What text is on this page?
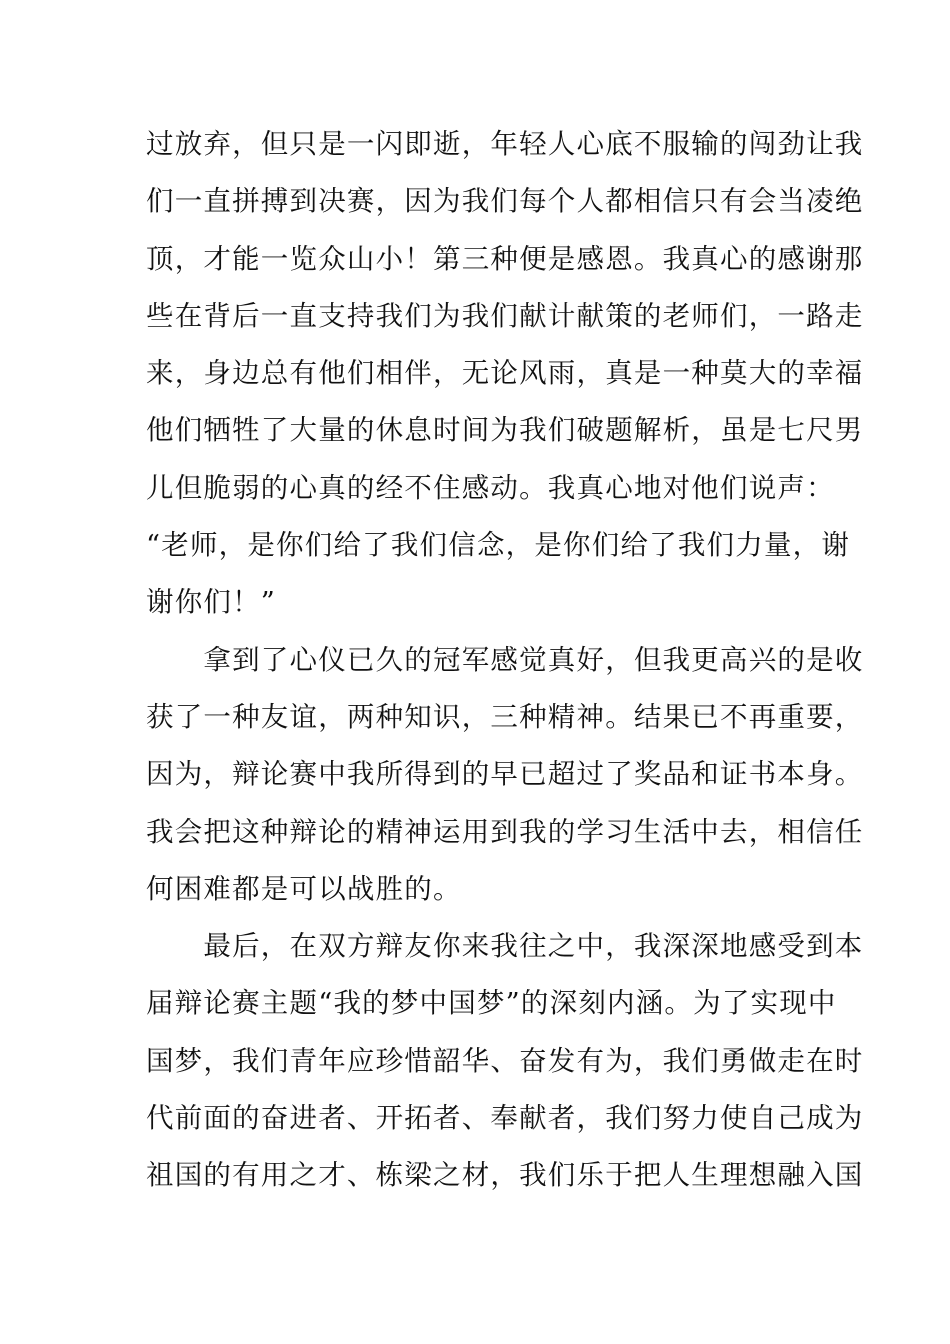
过放弃，但只是一闪即逝，年轻人心底不服输的闯劲让我
们一直拼搏到决赛，因为我们每个人都相信只有会当凌绝
顶，才能一览众山小！第三种便是感恩。我真心的感谢那
些在背后一直支持我们为我们献计献策的老师们，一路走
来，身边总有他们相伴，无论风雨，真是一种莫大的幸福
他们牺牲了大量的休息时间为我们破题解析，虽是七尺男
儿但脆弱的心真的经不住感动。我真心地对他们说声：
“老师，是你们给了我们信念，是你们给了我们力量，谢
谢你们！”
　　拿到了心仪已久的冠军感觉真好，但我更高兴的是收
获了一种友谊，两种知识，三种精神。结果已不再重要，
因为，辩论赛中我所得到的早已超过了奖品和证书本身。
我会把这种辩论的精神运用到我的学习生活中去，相信任
何困难都是可以战胜的。
　　最后，在双方辩友你来我往之中，我深深地感受到本
届辩论赛主题“我的梦中国梦”的深刻内涵。为了实现中
国梦，我们青年应珍惜韶华、奋发有为，我们勇做走在时
代前面的奋进者、开拓者、奉献者，我们努力使自己成为
祖国的有用之才、栋梁之材，我们乐于把人生理想融入国
